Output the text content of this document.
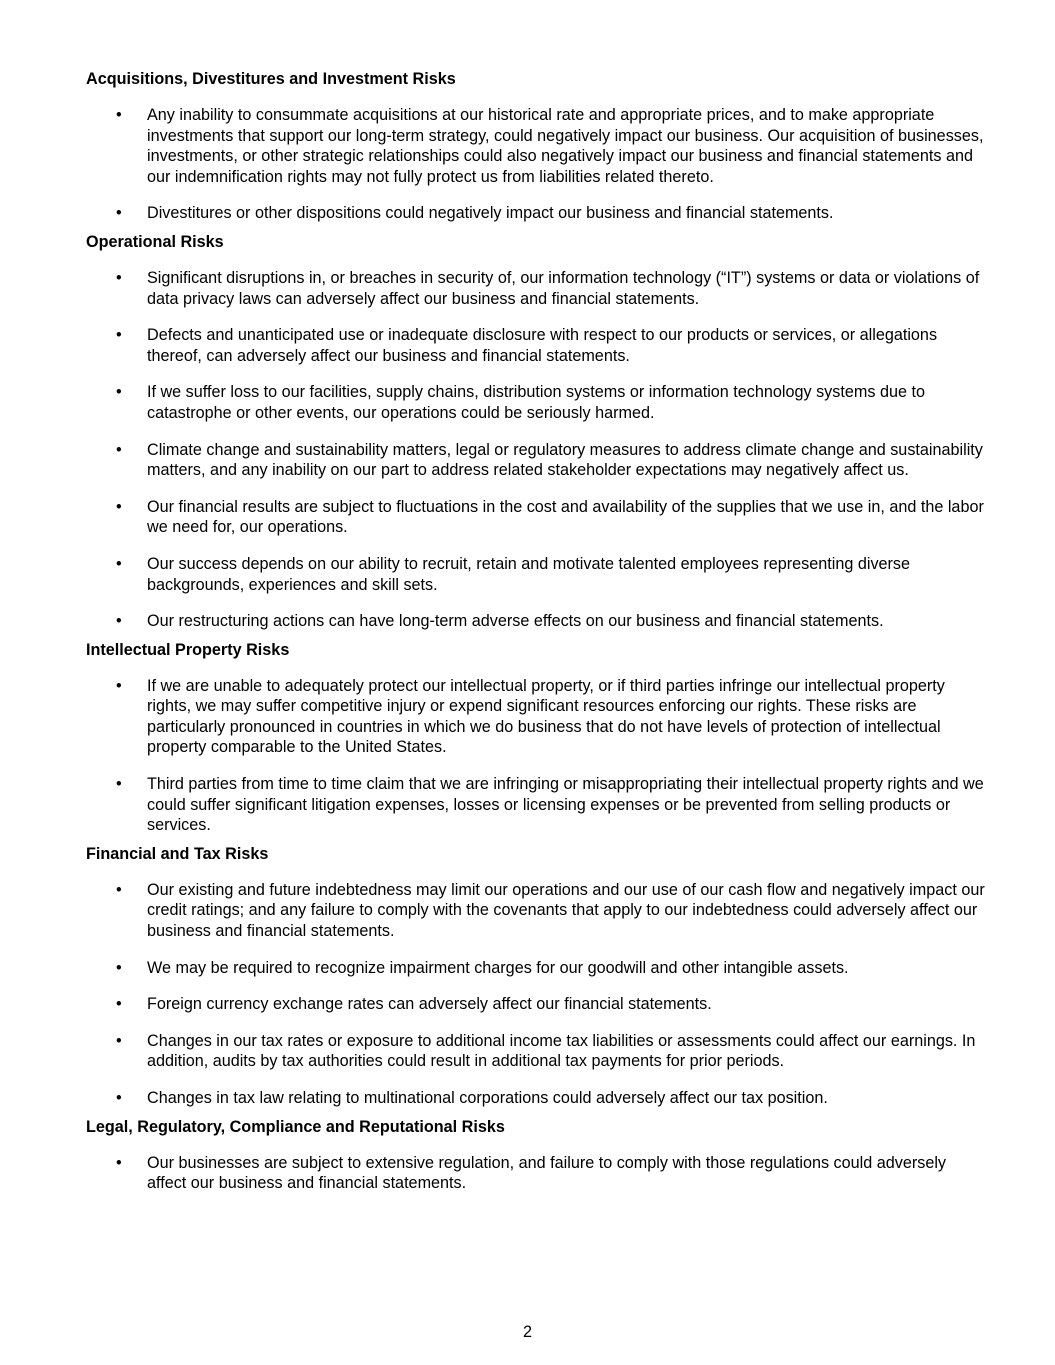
Acquisitions, Divestitures and Investment Risks
• Any inability to consummate acquisitions at our historical rate and appropriate prices, and to make appropriate investments that support our long-term strategy, could negatively impact our business. Our acquisition of businesses, investments, or other strategic relationships could also negatively impact our business and financial statements and our indemnification rights may not fully protect us from liabilities related thereto.
• Divestitures or other dispositions could negatively impact our business and financial statements.
Operational Risks
• Significant disruptions in, or breaches in security of, our information technology (“IT”) systems or data or violations of data privacy laws can adversely affect our business and financial statements.
• Defects and unanticipated use or inadequate disclosure with respect to our products or services, or allegations thereof, can adversely affect our business and financial statements.
• If we suffer loss to our facilities, supply chains, distribution systems or information technology systems due to catastrophe or other events, our operations could be seriously harmed.
• Climate change and sustainability matters, legal or regulatory measures to address climate change and sustainability matters, and any inability on our part to address related stakeholder expectations may negatively affect us.
• Our financial results are subject to fluctuations in the cost and availability of the supplies that we use in, and the labor we need for, our operations.
• Our success depends on our ability to recruit, retain and motivate talented employees representing diverse backgrounds, experiences and skill sets.
• Our restructuring actions can have long-term adverse effects on our business and financial statements.
Intellectual Property Risks
• If we are unable to adequately protect our intellectual property, or if third parties infringe our intellectual property rights, we may suffer competitive injury or expend significant resources enforcing our rights. These risks are particularly pronounced in countries in which we do business that do not have levels of protection of intellectual property comparable to the United States.
• Third parties from time to time claim that we are infringing or misappropriating their intellectual property rights and we could suffer significant litigation expenses, losses or licensing expenses or be prevented from selling products or services.
Financial and Tax Risks
• Our existing and future indebtedness may limit our operations and our use of our cash flow and negatively impact our credit ratings; and any failure to comply with the covenants that apply to our indebtedness could adversely affect our business and financial statements.
• We may be required to recognize impairment charges for our goodwill and other intangible assets.
• Foreign currency exchange rates can adversely affect our financial statements.
• Changes in our tax rates or exposure to additional income tax liabilities or assessments could affect our earnings. In addition, audits by tax authorities could result in additional tax payments for prior periods.
• Changes in tax law relating to multinational corporations could adversely affect our tax position.
Legal, Regulatory, Compliance and Reputational Risks
• Our businesses are subject to extensive regulation, and failure to comply with those regulations could adversely affect our business and financial statements.
2
